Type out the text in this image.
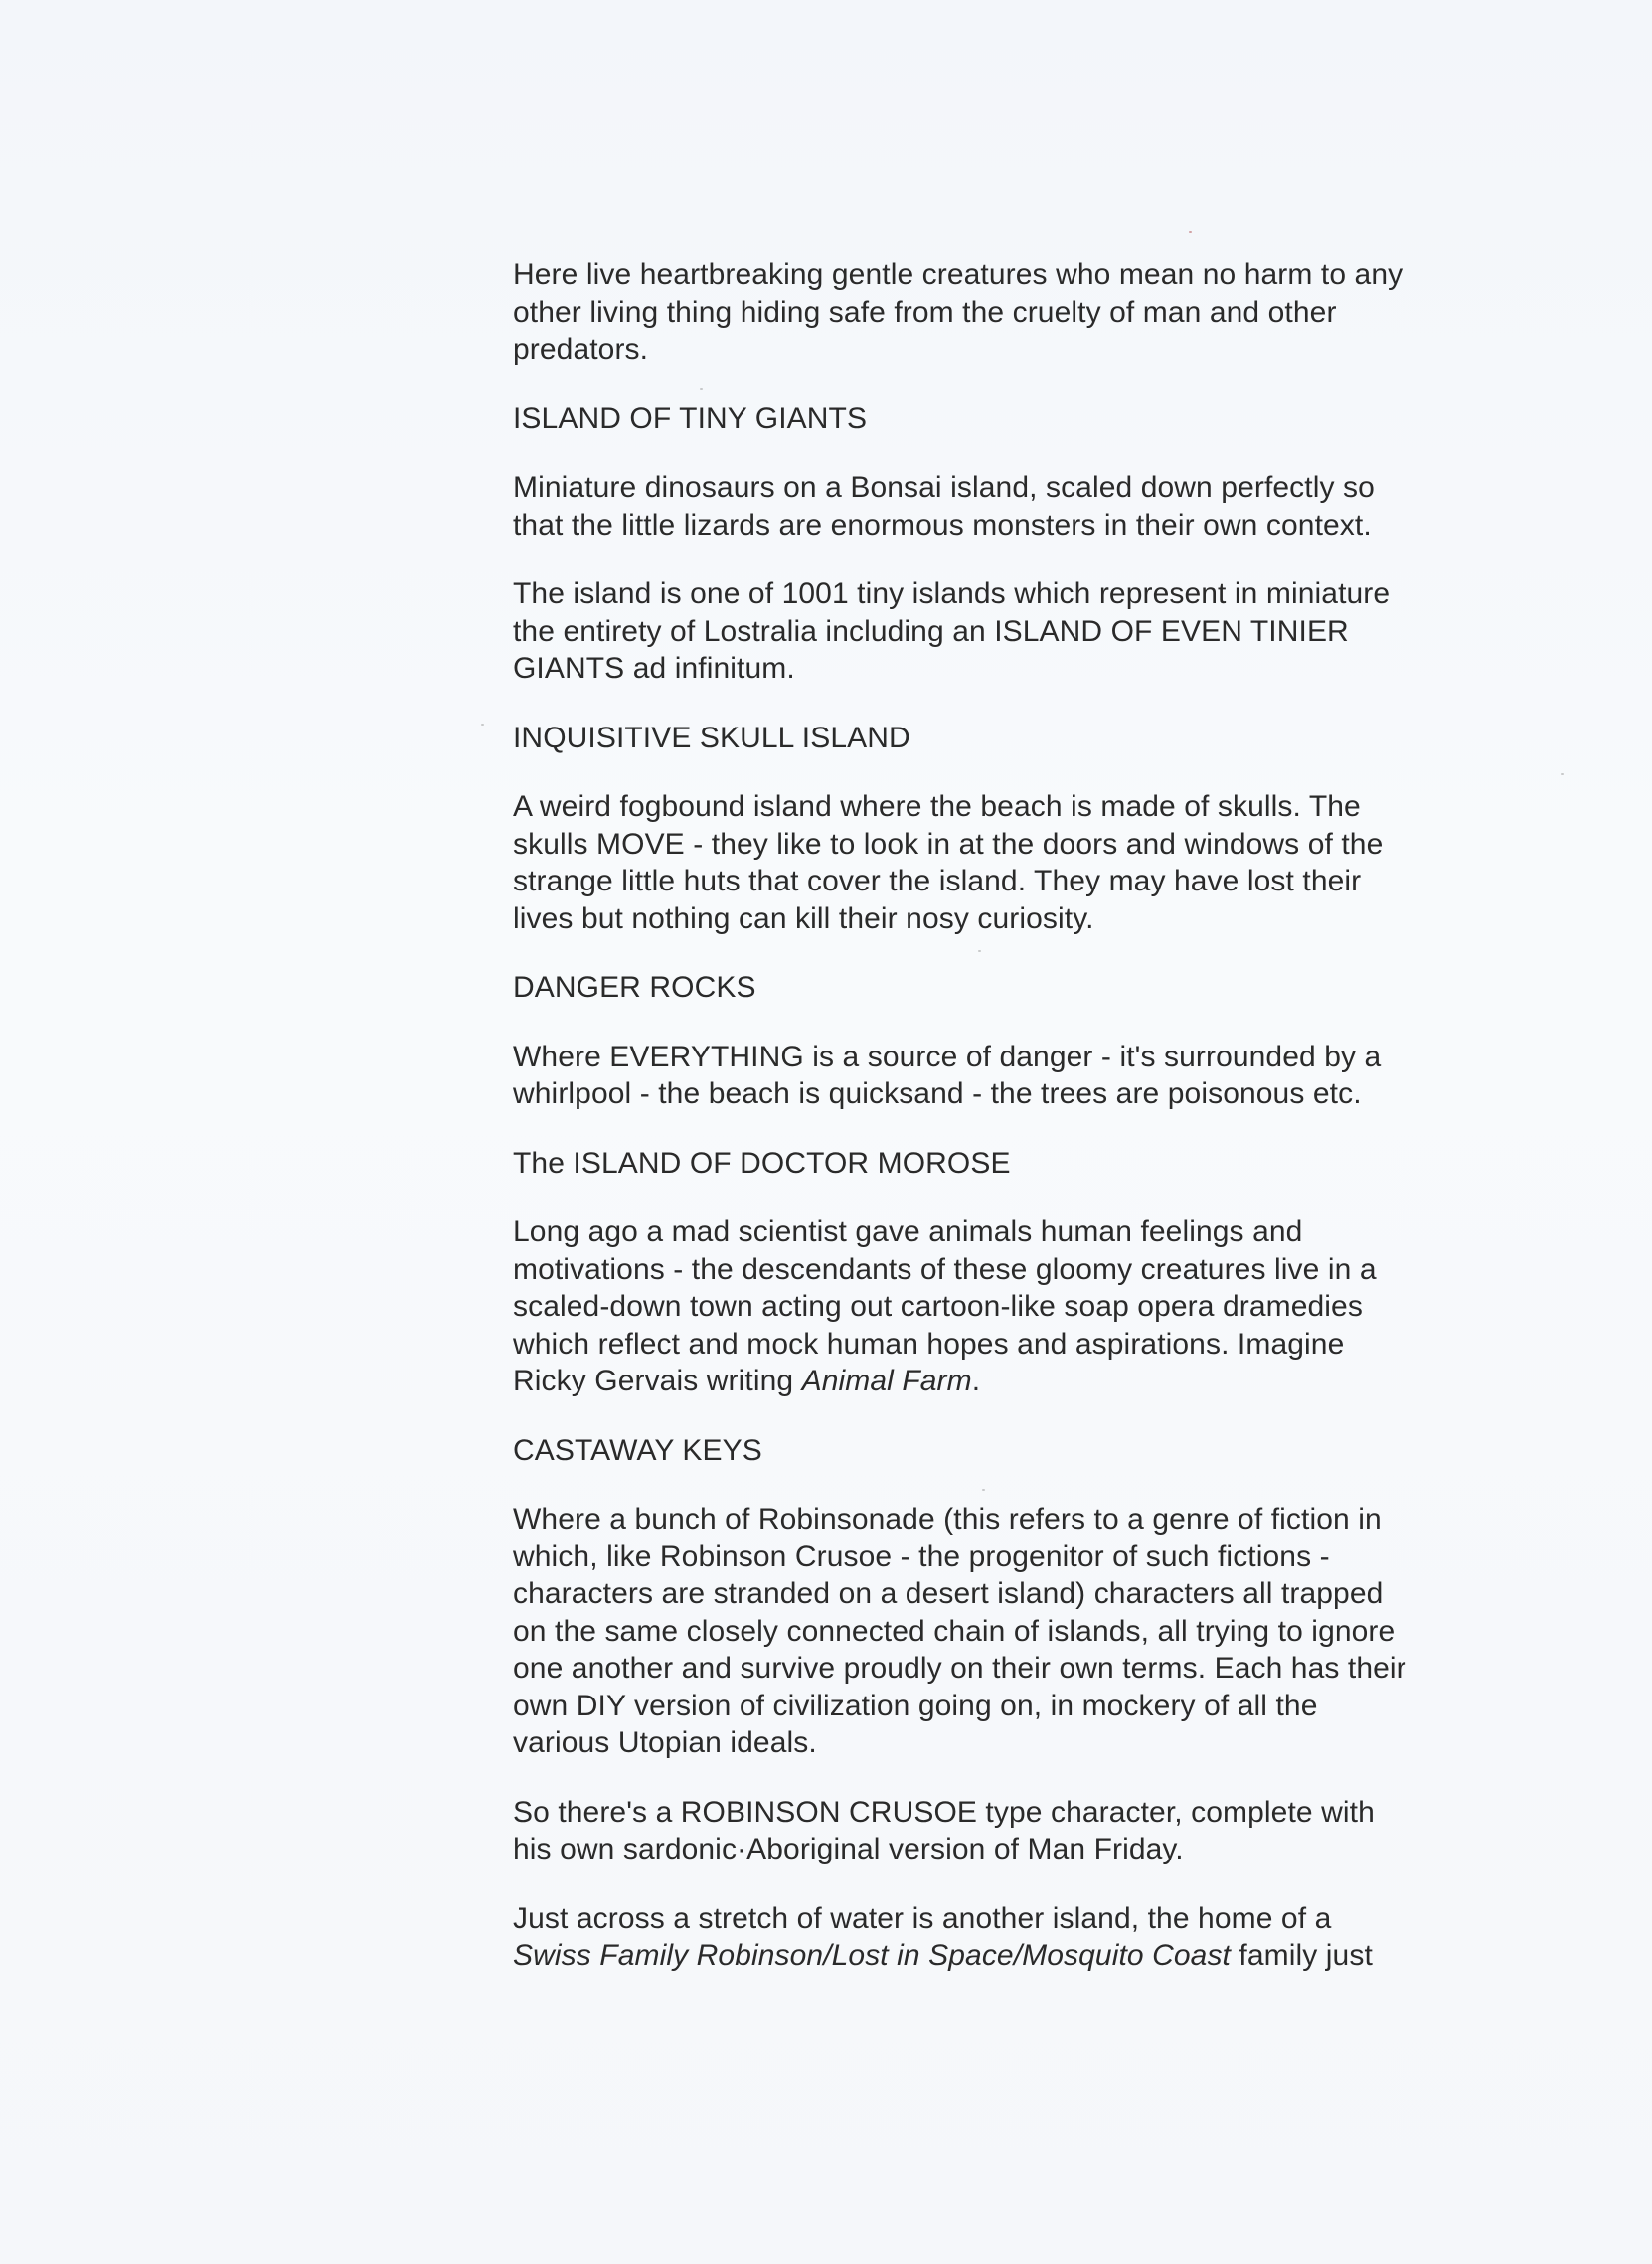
Here live heartbreaking gentle creatures who mean no harm to any
other living thing hiding safe from the cruelty of man and other
predators.
ISLAND OF TINY GIANTS
Miniature dinosaurs on a Bonsai island, scaled down perfectly so
that the little lizards are enormous monsters in their own context.
The island is one of 1001 tiny islands which represent in miniature
the entirety of Lostralia including an ISLAND OF EVEN TINIER
GIANTS ad infinitum.
INQUISITIVE SKULL ISLAND
A weird fogbound island where the beach is made of skulls. The
skulls MOVE - they like to look in at the doors and windows of the
strange little huts that cover the island. They may have lost their
lives but nothing can kill their nosy curiosity.
DANGER ROCKS
Where EVERYTHING is a source of danger - it's surrounded by a
whirlpool - the beach is quicksand - the trees are poisonous etc.
The ISLAND OF DOCTOR MOROSE
Long ago a mad scientist gave animals human feelings and
motivations - the descendants of these gloomy creatures live in a
scaled-down town acting out cartoon-like soap opera dramedies
which reflect and mock human hopes and aspirations. Imagine
Ricky Gervais writing Animal Farm.
CASTAWAY KEYS
Where a bunch of Robinsonade (this refers to a genre of fiction in
which, like Robinson Crusoe - the progenitor of such fictions -
characters are stranded on a desert island) characters all trapped
on the same closely connected chain of islands, all trying to ignore
one another and survive proudly on their own terms. Each has their
own DIY version of civilization going on, in mockery of all the
various Utopian ideals.
So there's a ROBINSON CRUSOE type character, complete with
his own sardonic·Aboriginal version of Man Friday.
Just across a stretch of water is another island, the home of a
Swiss Family Robinson/Lost in Space/Mosquito Coast family just
